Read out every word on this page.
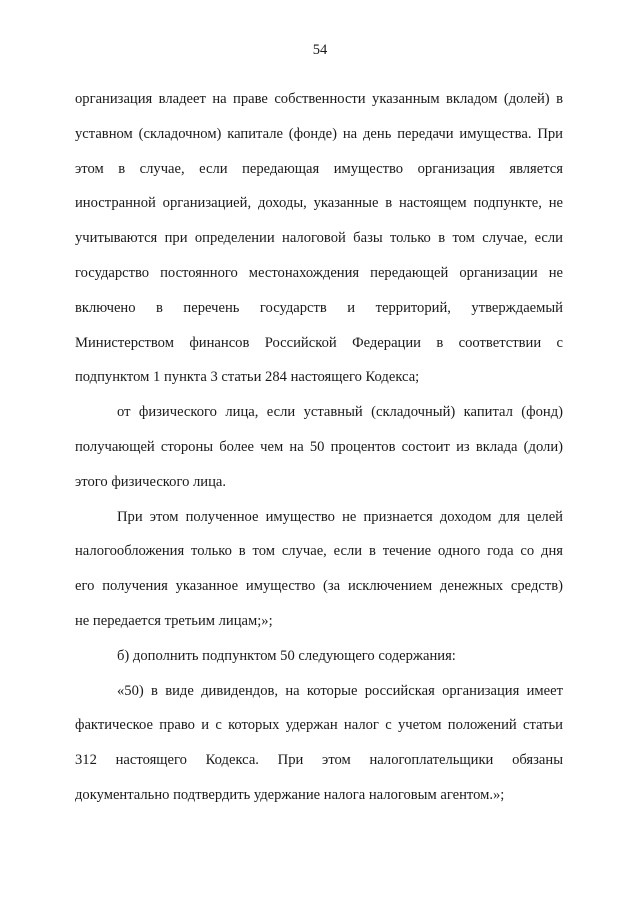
54

организация владеет на праве собственности указанным вкладом (долей) в
уставном (складочном) капитале (фонде) на день передачи имущества. При
этом в случае, если передающая имущество организация является
иностранной организацией, доходы, указанные в настоящем подпункте, не
учитываются при определении налоговой базы только в том случае, если
государство постоянного местонахождения передающей организации не
включено в перечень государств и территорий, утверждаемый
Министерством финансов Российской Федерации в соответствии с
подпунктом 1 пункта 3 статьи 284 настоящего Кодекса;

от физического лица, если уставный (складочный) капитал (фонд)
получающей стороны более чем на 50 процентов состоит из вклада (доли)
этого физического лица.

При этом полученное имущество не признается доходом для целей
налогообложения только в том случае, если в течение одного года со дня
его получения указанное имущество (за исключением денежных средств)
не передается третьим лицам;»;

б) дополнить подпунктом 50 следующего содержания:

«50) в виде дивидендов, на которые российская организация имеет
фактическое право и с которых удержан налог с учетом положений статьи
312 настоящего Кодекса. При этом налогоплательщики обязаны
документально подтвердить удержание налога налоговым агентом.»;
